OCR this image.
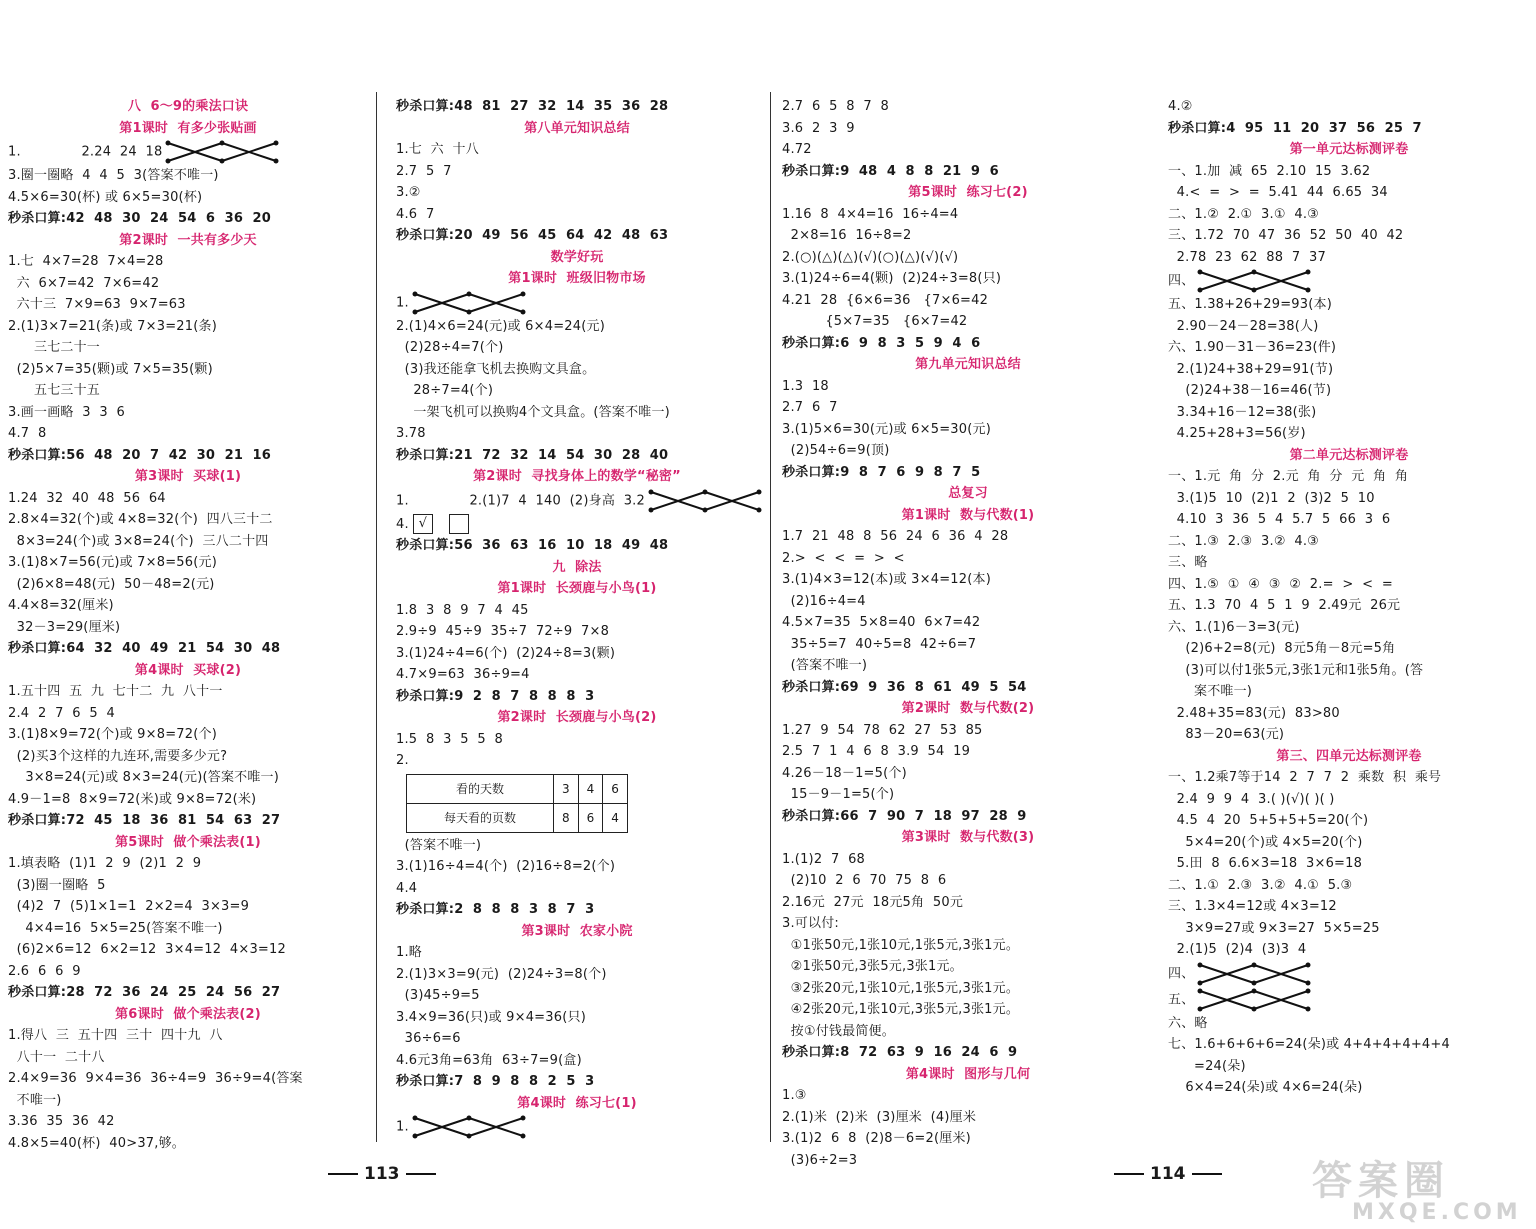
八  6～9的乘法口诀
第1课时  有多少张贴画
1.              2.24  24  18
3.圈一圈略  4  4  5  3(答案不唯一)
4.5×6=30(杯) 或 6×5=30(杯)
秒杀口算:42  48  30  24  54  6  36  20
第2课时  一共有多少天
1.七  4×7=28  7×4=28
六  6×7=42  7×6=42
六十三  7×9=63  9×7=63
2.(1)3×7=21(条)或 7×3=21(条)
三七二十一
(2)5×7=35(颗)或 7×5=35(颗)
五七三十五
3.画一画略  3  3  6
4.7  8
秒杀口算:56  48  20  7  42  30  21  16
第3课时  买球(1)
1.24  32  40  48  56  64
2.8×4=32(个)或 4×8=32(个)  四八三十二
8×3=24(个)或 3×8=24(个)  三八二十四
3.(1)8×7=56(元)或 7×8=56(元)
(2)6×8=48(元)  50－48=2(元)
4.4×8=32(厘米)
32－3=29(厘米)
秒杀口算:64  32  40  49  21  54  30  48
第4课时  买球(2)
1.五十四  五  九  七十二  九  八十一
2.4  2  7  6  5  4
3.(1)8×9=72(个)或 9×8=72(个)
(2)买3个这样的九连环,需要多少元?
3×8=24(元)或 8×3=24(元)(答案不唯一)
4.9－1=8  8×9=72(米)或 9×8=72(米)
秒杀口算:72  45  18  36  81  54  63  27
第5课时  做个乘法表(1)
1.填表略  (1)1  2  9  (2)1  2  9
(3)圈一圈略  5
(4)2  7  (5)1×1=1  2×2=4  3×3=9
4×4=16  5×5=25(答案不唯一)
(6)2×6=12  6×2=12  3×4=12  4×3=12
2.6  6  6  9
秒杀口算:28  72  36  24  25  24  56  27
第6课时  做个乘法表(2)
1.得八  三  五十四  三十  四十九  八
八十一  二十八
2.4×9=36  9×4=36  36÷4=9  36÷9=4(答案
不唯一)
3.36  35  36  42
4.8×5=40(杯)  40>37,够。
秒杀口算:48  81  27  32  14  35  36  28
第八单元知识总结
1.七  六  十八
2.7  5  7
3.②
4.6  7
秒杀口算:20  49  56  45  64  42  48  63
数学好玩
第1课时  班级旧物市场
1.
2.(1)4×6=24(元)或 6×4=24(元)
(2)28÷4=7(个)
(3)我还能拿飞机去换购文具盒。
28÷7=4(个)
一架飞机可以换购4个文具盒。(答案不唯一)
3.78
秒杀口算:21  72  32  14  54  30  28  40
第2课时  寻找身体上的数学“秘密”
1.              2.(1)7  4  140  (2)身高  3.2
4. √
秒杀口算:56  36  63  16  10  18  49  48
九  除法
第1课时  长颈鹿与小鸟(1)
1.8  3  8  9  7  4  45
2.9÷9  45÷9  35÷7  72÷9  7×8
3.(1)24÷4=6(个)  (2)24÷8=3(颗)
4.7×9=63  36÷9=4
秒杀口算:9  2  8  7  8  8  8  3
第2课时  长颈鹿与小鸟(2)
1.5  8  3  5  5  8
2.
看的天数	3	4	6
每天看的页数	8	6	4
(答案不唯一)
3.(1)16÷4=4(个)  (2)16÷8=2(个)
4.4
秒杀口算:2  8  8  8  3  8  7  3
第3课时  农家小院
1.略
2.(1)3×3=9(元)  (2)24÷3=8(个)
(3)45÷9=5
3.4×9=36(只)或 9×4=36(只)
36÷6=6
4.6元3角=63角  63÷7=9(盒)
秒杀口算:7  8  9  8  8  2  5  3
第4课时  练习七(1)
1.
2.7  6  5  8  7  8
3.6  2  3  9
4.72
秒杀口算:9  48  4  8  8  21  9  6
第5课时  练习七(2)
1.16  8  4×4=16  16÷4=4
2×8=16  16÷8=2
2.(○)(△)(△)(√)(○)(△)(√)(√)
3.(1)24÷6=4(颗)  (2)24÷3=8(只)
4.21  28  {6×6=36   {7×6=42
{5×7=35   {6×7=42
秒杀口算:6  9  8  3  5  9  4  6
第九单元知识总结
1.3  18
2.7  6  7
3.(1)5×6=30(元)或 6×5=30(元)
(2)54÷6=9(顶)
秒杀口算:9  8  7  6  9  8  7  5
总复习
第1课时  数与代数(1)
1.7  21  48  8  56  24  6  36  4  28
2.>  <  <  =  >  <
3.(1)4×3=12(本)或 3×4=12(本)
(2)16÷4=4
4.5×7=35  5×8=40  6×7=42
35÷5=7  40÷5=8  42÷6=7
(答案不唯一)
秒杀口算:69  9  36  8  61  49  5  54
第2课时  数与代数(2)
1.27  9  54  78  62  27  53  85
2.5  7  1  4  6  8  3.9  54  19
4.26－18－1=5(个)
15－9－1=5(个)
秒杀口算:66  7  90  7  18  97  28  9
第3课时  数与代数(3)
1.(1)2  7  68
(2)10  2  6  70  75  8  6
2.16元  27元  18元5角  50元
3.可以付:
①1张50元,1张10元,1张5元,3张1元。
②1张50元,3张5元,3张1元。
③2张20元,1张10元,1张5元,3张1元。
④2张20元,1张10元,3张5元,3张1元。
按①付钱最简便。
秒杀口算:8  72  63  9  16  24  6  9
第4课时  图形与几何
1.③
2.(1)米  (2)米  (3)厘米  (4)厘米
3.(1)2  6  8  (2)8－6=2(厘米)
(3)6÷2=3
4.②
秒杀口算:4  95  11  20  37  56  25  7
第一单元达标测评卷
一、1.加  减  65  2.10  15  3.62
4.<  =  >  =  5.41  44  6.65  34
二、1.②  2.①  3.①  4.③
三、1.72  70  47  36  52  50  40  42
2.78  23  62  88  7  37
四、
五、1.38+26+29=93(本)
2.90－24－28=38(人)
六、1.90－31－36=23(件)
2.(1)24+38+29=91(节)
(2)24+38－16=46(节)
3.34+16－12=38(张)
4.25+28+3=56(岁)
第二单元达标测评卷
一、1.元  角  分  2.元  角  分  元  角  角
3.(1)5  10  (2)1  2  (3)2  5  10
4.10  3  36  5  4  5.7  5  66  3  6
二、1.③  2.③  3.②  4.③
三、略
四、1.⑤  ①  ④  ③  ②  2.=  >  <  =
五、1.3  70  4  5  1  9  2.49元  26元
六、1.(1)6－3=3(元)
(2)6+2=8(元)  8元5角－8元=5角
(3)可以付1张5元,3张1元和1张5角。(答
案不唯一)
2.48+35=83(元)  83>80
83－20=63(元)
第三、四单元达标测评卷
一、1.2乘7等于14  2  7  7  2  乘数  积  乘号
2.4  9  9  4  3.( )(√)( )( )
4.5  4  20  5+5+5+5=20(个)
5×4=20(个)或 4×5=20(个)
5.田  8  6.6×3=18  3×6=18
二、1.①  2.③  3.②  4.①  5.③
三、1.3×4=12或 4×3=12
3×9=27或 9×3=27  5×5=25
2.(1)5  (2)4  (3)3  4
四、
五、
六、略
七、1.6+6+6+6=24(朵)或 4+4+4+4+4+4
=24(朵)
6×4=24(朵)或 4×6=24(朵)
113	114	答案圈
MXQE.COM
